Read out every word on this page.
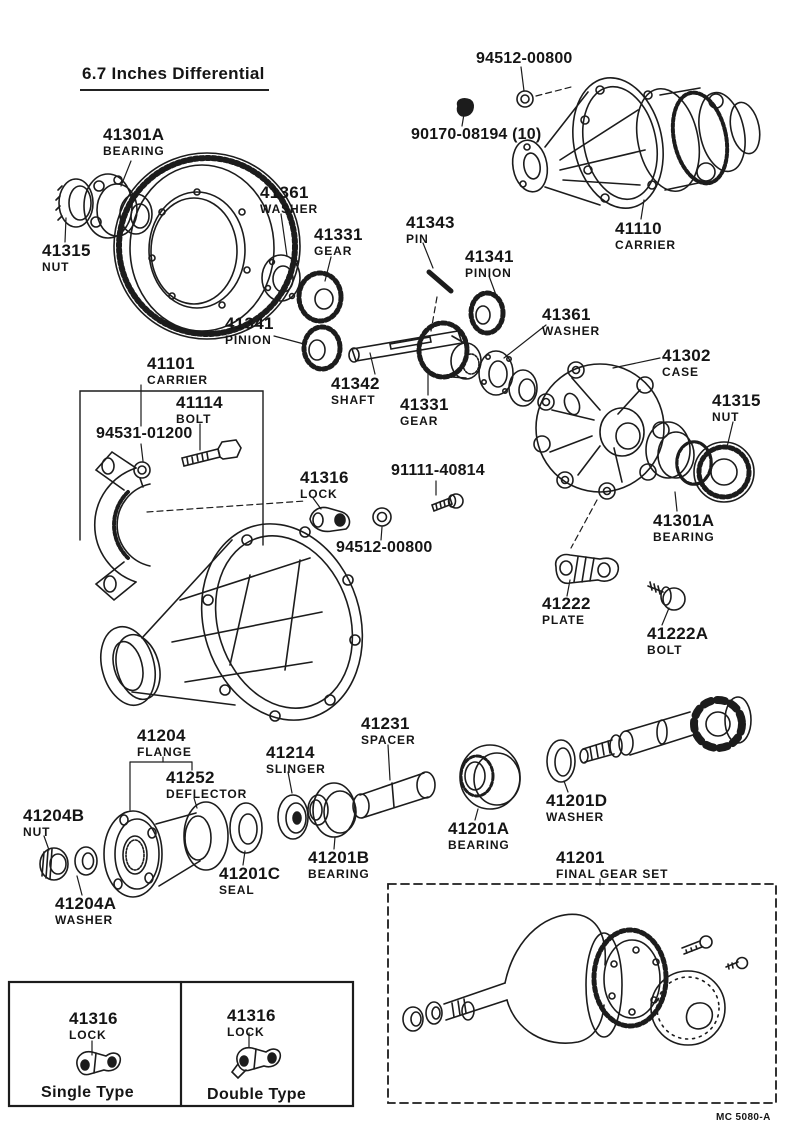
6.7 Inches Differential
94512-00800
90170-08194 (10)
41301A
BEARING
41315
NUT
41361
WASHER
41331
GEAR
41343
PIN
41341
PINION
41110
CARRIER
41341
PINION
41361
WASHER
41302
CASE
41342
SHAFT 41331
GEAR
41101
CARRIER
41114
BOLT
94531-01200
41315
NUT
41316
LOCK
91111-40814
94512-00800
41301A
BEARING
41222
PLATE
41222A
BOLT
41204
FLANGE
41252
DEFLECTOR
41214
SLINGER
41231
SPACER
41204B
NUT
41204A
WASHER
41201C
SEAL
41201B
BEARING
41201A
BEARING
41201D
WASHER
41201
FINAL GEAR SET
41316
LOCK
41316
LOCK
Single Type	Double Type
MC 5080-A
